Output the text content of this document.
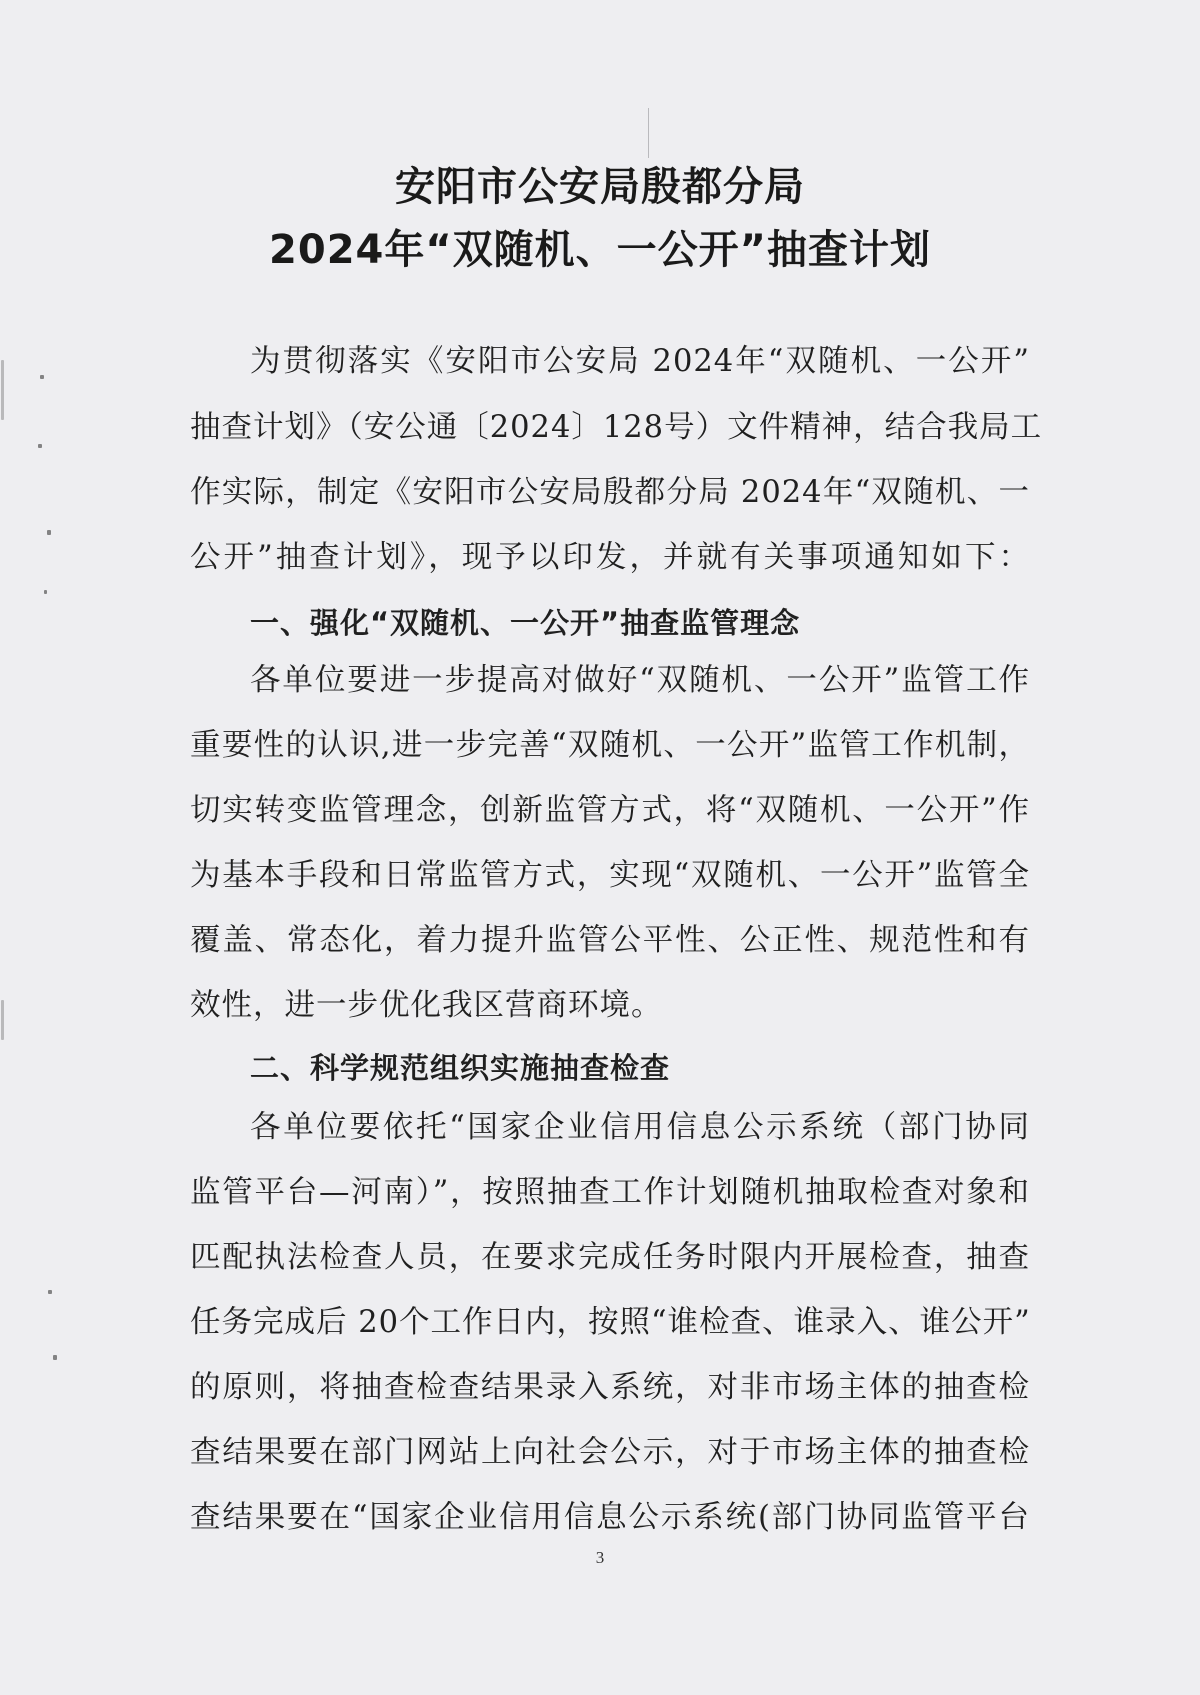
安阳市公安局殷都分局
2024年“双随机、一公开”抽查计划
为贯彻落实《安阳市公安局 2024年“双随机、一公开”
抽查计划》（安公通〔2024〕128号）文件精神，结合我局工
作实际，制定《安阳市公安局殷都分局 2024年“双随机、一
公开”抽查计划》，现予以印发，并就有关事项通知如下：
一、强化“双随机、一公开”抽查监管理念
各单位要进一步提高对做好“双随机、一公开”监管工作
重要性的认识,进一步完善“双随机、一公开”监管工作机制，
切实转变监管理念，创新监管方式，将“双随机、一公开”作
为基本手段和日常监管方式，实现“双随机、一公开”监管全
覆盖、常态化，着力提升监管公平性、公正性、规范性和有
效性，进一步优化我区营商环境。
二、科学规范组织实施抽查检查
各单位要依托“国家企业信用信息公示系统（部门协同
监管平台—河南）”，按照抽查工作计划随机抽取检查对象和
匹配执法检查人员，在要求完成任务时限内开展检查，抽查
任务完成后 20个工作日内，按照“谁检查、谁录入、谁公开”
的原则，将抽查检查结果录入系统，对非市场主体的抽查检
查结果要在部门网站上向社会公示，对于市场主体的抽查检
查结果要在“国家企业信用信息公示系统(部门协同监管平台
3
